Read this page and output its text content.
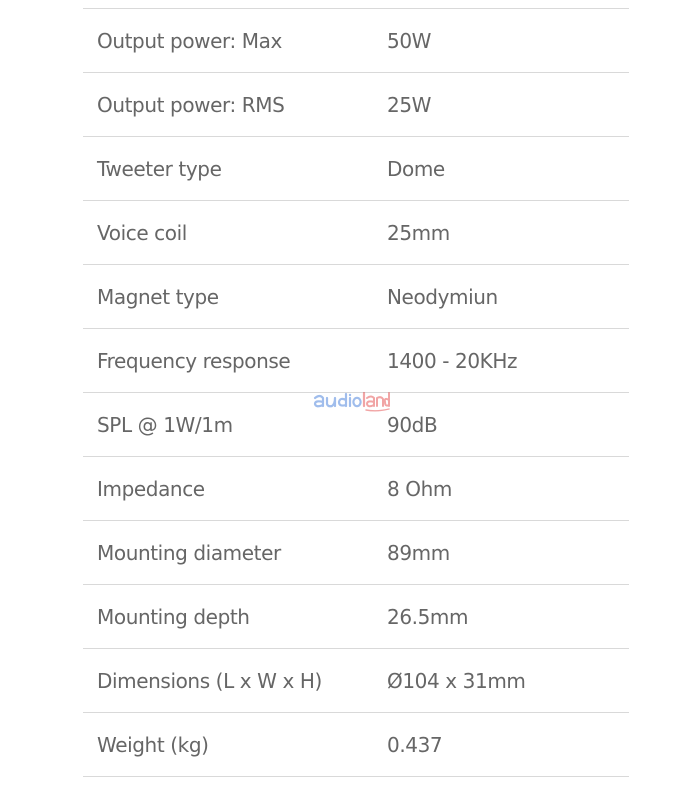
Output power: Max	50W
Output power: RMS	25W
Tweeter type	Dome
Voice coil	25mm
Magnet type	Neodymiun
Frequency response	1400 - 20KHz
SPL @ 1W/1m	90dB
Impedance	8 Ohm
Mounting diameter	89mm
Mounting depth	26.5mm
Dimensions (L x W x H)	Ø104 x 31mm
Weight (kg)	0.437
